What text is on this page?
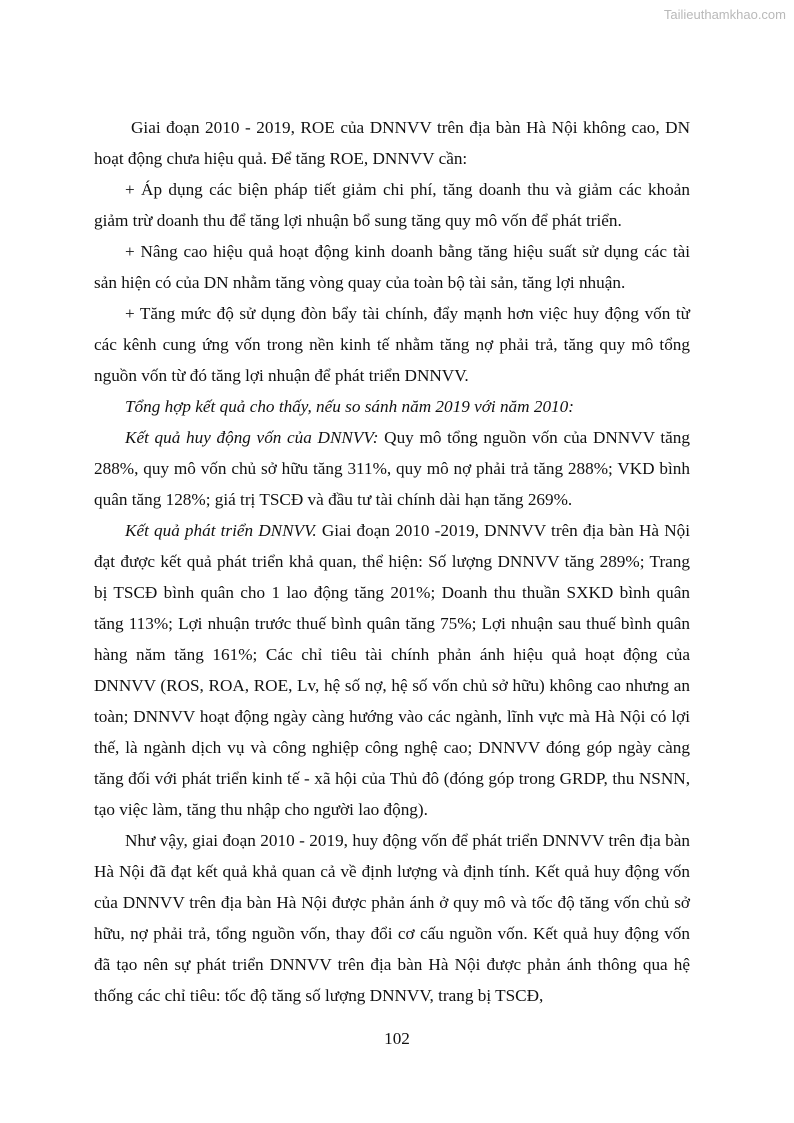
Tailieuthamkhao.com

Giai đoạn 2010 - 2019, ROE của DNNVV trên địa bàn Hà Nội không cao, DN hoạt động chưa hiệu quả. Để tăng ROE, DNNVV cần:

+ Áp dụng các biện pháp tiết giảm chi phí, tăng doanh thu và giảm các khoản giảm trừ doanh thu để tăng lợi nhuận bổ sung tăng quy mô vốn để phát triển.

+ Nâng cao hiệu quả hoạt động kinh doanh bằng tăng hiệu suất sử dụng các tài sản hiện có của DN nhằm tăng vòng quay của toàn bộ tài sản, tăng lợi nhuận.

+ Tăng mức độ sử dụng đòn bẩy tài chính, đẩy mạnh hơn việc huy động vốn từ các kênh cung ứng vốn trong nền kinh tế nhằm tăng nợ phải trả, tăng quy mô tổng nguồn vốn từ đó tăng lợi nhuận để phát triển DNNVV.

Tổng hợp kết quả cho thấy, nếu so sánh năm 2019 với năm 2010:

Kết quả huy động vốn của DNNVV: Quy mô tổng nguồn vốn của DNNVV tăng 288%, quy mô vốn chủ sở hữu tăng 311%, quy mô nợ phải trả tăng 288%; VKD bình quân tăng 128%; giá trị TSCĐ và đầu tư tài chính dài hạn tăng 269%.

Kết quả phát triển DNNVV. Giai đoạn 2010 -2019, DNNVV trên địa bàn Hà Nội đạt được kết quả phát triển khả quan, thể hiện: Số lượng DNNVV tăng 289%; Trang bị TSCĐ bình quân cho 1 lao động tăng 201%; Doanh thu thuần SXKD bình quân tăng 113%; Lợi nhuận trước thuế bình quân tăng 75%; Lợi nhuận sau thuế bình quân hàng năm tăng 161%; Các chỉ tiêu tài chính phản ánh hiệu quả hoạt động của DNNVV (ROS, ROA, ROE, Lv, hệ số nợ, hệ số vốn chủ sở hữu) không cao nhưng an toàn; DNNVV hoạt động ngày càng hướng vào các ngành, lĩnh vực mà Hà Nội có lợi thế, là ngành dịch vụ và công nghiệp công nghệ cao; DNNVV đóng góp ngày càng tăng đối với phát triển kinh tế - xã hội của Thủ đô (đóng góp trong GRDP, thu NSNN, tạo việc làm, tăng thu nhập cho người lao động).

Như vậy, giai đoạn 2010 - 2019, huy động vốn để phát triển DNNVV trên địa bàn Hà Nội đã đạt kết quả khả quan cả về định lượng và định tính. Kết quả huy động vốn của DNNVV trên địa bàn Hà Nội được phản ánh ở quy mô và tốc độ tăng vốn chủ sở hữu, nợ phải trả, tổng nguồn vốn, thay đổi cơ cấu nguồn vốn. Kết quả huy động vốn đã tạo nên sự phát triển DNNVV trên địa bàn Hà Nội được phản ánh thông qua hệ thống các chỉ tiêu: tốc độ tăng số lượng DNNVV, trang bị TSCĐ,

102
